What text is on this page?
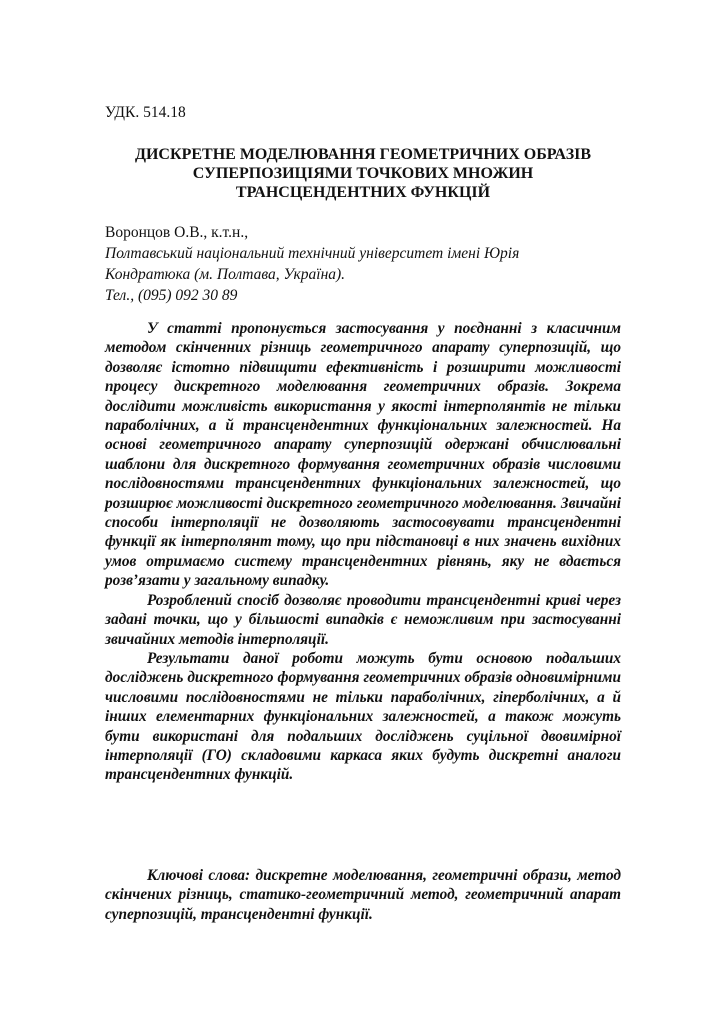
УДК. 514.18
ДИСКРЕТНЕ МОДЕЛЮВАННЯ ГЕОМЕТРИЧНИХ ОБРАЗІВ
СУПЕРПОЗИЦІЯМИ ТОЧКОВИХ МНОЖИН
ТРАНСЦЕНДЕНТНИХ ФУНКЦІЙ
Воронцов О.В., к.т.н.,
Полтавський національний технічний університет імені Юрія
Кондратюка (м. Полтава, Україна).
Тел., (095) 092 30 89

У статті пропонується застосування у поєднанні з класичним методом скінченних різниць геометричного апарату суперпозицій, що дозволяє істотно підвищити ефективність і розширити можливості процесу дискретного моделювання геометричних образів. Зокрема дослідити можливість використання у якості інтерполянтів не тільки параболічних, а й трансцендентних функціональних залежностей. На основі геометричного апарату суперпозицій одержані обчислювальні шаблони для дискретного формування геометричних образів числовими послідовностями трансцендентних функціональних залежностей, що розширює можливості дискретного геометричного моделювання. Звичайні способи інтерполяції не дозволяють застосовувати трансцендентні функції як інтерполянт тому, що при підстановці в них значень вихідних умов отримаємо систему трансцендентних рівнянь, яку не вдається розв’язати у загальному випадку.

Розроблений спосіб дозволяє проводити трансцендентні криві через задані точки, що у більшості випадків є неможливим при застосуванні звичайних методів інтерполяції.

Результати даної роботи можуть бути основою подальших досліджень дискретного формування геометричних образів одновимірними числовими послідовностями не тільки параболічних, гіперболічних, а й інших елементарних функціональних залежностей, а також можуть бути використані для подальших досліджень суцільної двовимірної інтерполяції (ГО) складовими каркаса яких будуть дискретні аналоги трансцендентних функцій.

Ключові слова: дискретне моделювання, геометричні образи, метод скінчених різниць, статико-геометричний метод, геометричний апарат суперпозицій, трансцендентні функції.
